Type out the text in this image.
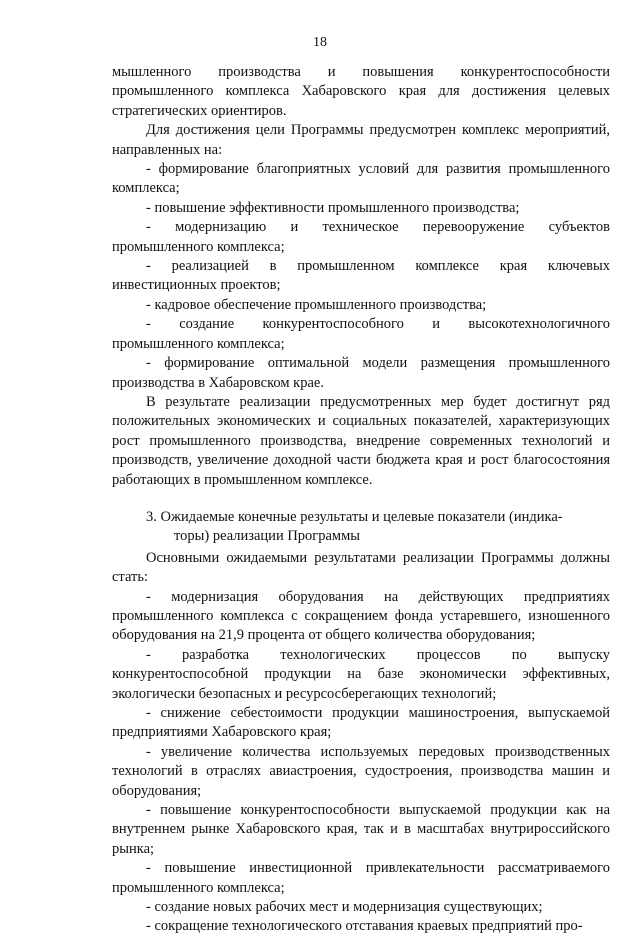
18

мышленного производства и повышения конкурентоспособности промышленного комплекса Хабаровского края для достижения целевых стратегических ориентиров.

Для достижения цели Программы предусмотрен комплекс мероприятий, направленных на:

- формирование благоприятных условий для развития промышленного комплекса;

- повышение эффективности промышленного производства;

- модернизацию и техническое перевооружение субъектов промышленного комплекса;

- реализацией в промышленном комплексе края ключевых инвестиционных проектов;

- кадровое обеспечение промышленного производства;

- создание конкурентоспособного и высокотехнологичного промышленного комплекса;

- формирование оптимальной модели размещения промышленного производства в Хабаровском крае.

В результате реализации предусмотренных мер будет достигнут ряд положительных экономических и социальных показателей, характеризующих рост промышленного производства, внедрение современных технологий и производств, увеличение доходной части бюджета края и рост благосостояния работающих в промышленном комплексе.

3. Ожидаемые конечные результаты и целевые показатели (индика-
торы) реализации Программы

Основными ожидаемыми результатами реализации Программы должны стать:

- модернизация оборудования на действующих предприятиях промышленного комплекса с сокращением фонда устаревшего, изношенного оборудования на 21,9 процента от общего количества оборудования;

- разработка технологических процессов по выпуску конкурентоспособной продукции на базе экономически эффективных, экологически безопасных и ресурсосберегающих технологий;

- снижение себестоимости продукции машиностроения, выпускаемой предприятиями Хабаровского края;

- увеличение количества используемых передовых производственных технологий в отраслях авиастроения, судостроения, производства машин и оборудования;

- повышение конкурентоспособности выпускаемой продукции как на внутреннем рынке Хабаровского края, так и в масштабах внутрироссийского рынка;

- повышение инвестиционной привлекательности рассматриваемого промышленного комплекса;

- создание новых рабочих мест и модернизация существующих;

- сокращение технологического отставания краевых предприятий про-
